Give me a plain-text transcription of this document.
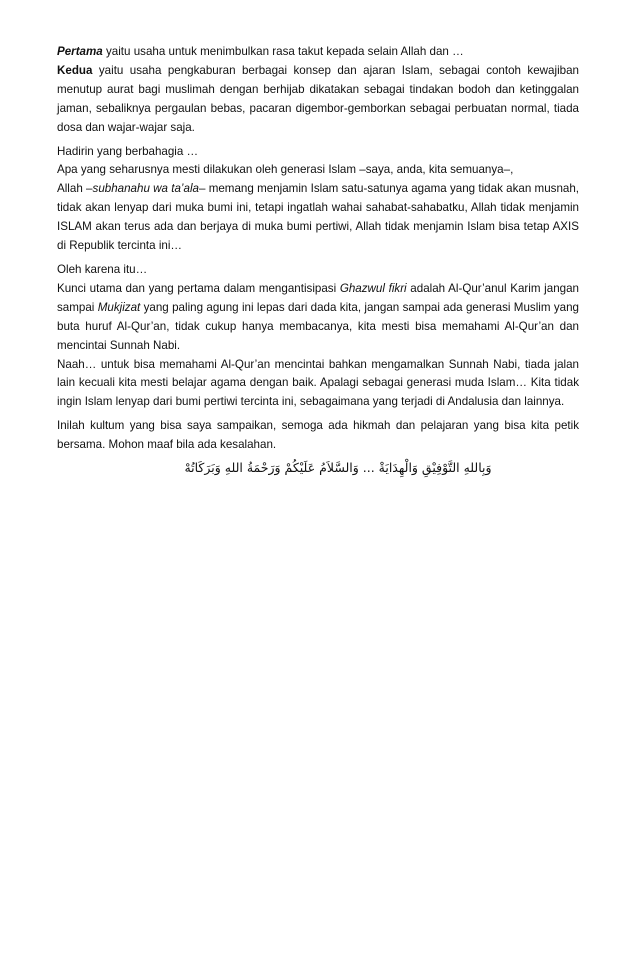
Pertama yaitu usaha untuk menimbulkan rasa takut kepada selain Allah dan …

Kedua yaitu usaha pengkaburan berbagai konsep dan ajaran Islam, sebagai contoh kewajiban menutup aurat bagi muslimah dengan berhijab dikatakan sebagai tindakan bodoh dan ketinggalan jaman, sebaliknya pergaulan bebas, pacaran digembor-gemborkan sebagai perbuatan normal, tiada dosa dan wajar-wajar saja.

Hadirin yang berbahagia …

Apa yang seharusnya mesti dilakukan oleh generasi Islam –saya, anda, kita semuanya–,

Allah –subhanahu wa ta’ala– memang menjamin Islam satu-satunya agama yang tidak akan musnah, tidak akan lenyap dari muka bumi ini, tetapi ingatlah wahai sahabat-sahabatku, Allah tidak menjamin ISLAM akan terus ada dan berjaya di muka bumi pertiwi, Allah tidak menjamin Islam bisa tetap AXIS di Republik tercinta ini…

Oleh karena itu…

Kunci utama dan yang pertama dalam mengantisipasi Ghazwul fikri adalah Al-Qur’anul Karim jangan sampai Mukjizat yang paling agung ini lepas dari dada kita, jangan sampai ada generasi Muslim yang buta huruf Al-Qur’an, tidak cukup hanya membacanya, kita mesti bisa memahami Al-Qur’an dan mencintai Sunnah Nabi.

Naah… untuk bisa memahami Al-Qur’an mencintai bahkan mengamalkan Sunnah Nabi, tiada jalan lain kecuali kita mesti belajar agama dengan baik. Apalagi sebagai generasi muda Islam… Kita tidak ingin Islam lenyap dari bumi pertiwi tercinta ini, sebagaimana yang terjadi di Andalusia dan lainnya.

Inilah kultum yang bisa saya sampaikan, semoga ada hikmah dan pelajaran yang bisa kita petik bersama. Mohon maaf bila ada kesalahan.

وَبِاللهِ التَّوْفِيْقِ وَالْهِدَايَةْ ... وَالسَّلاَمُ عَلَيْكُمْ وَرَحْمَةُ اللهِ وَبَرَكَاتُهْ
